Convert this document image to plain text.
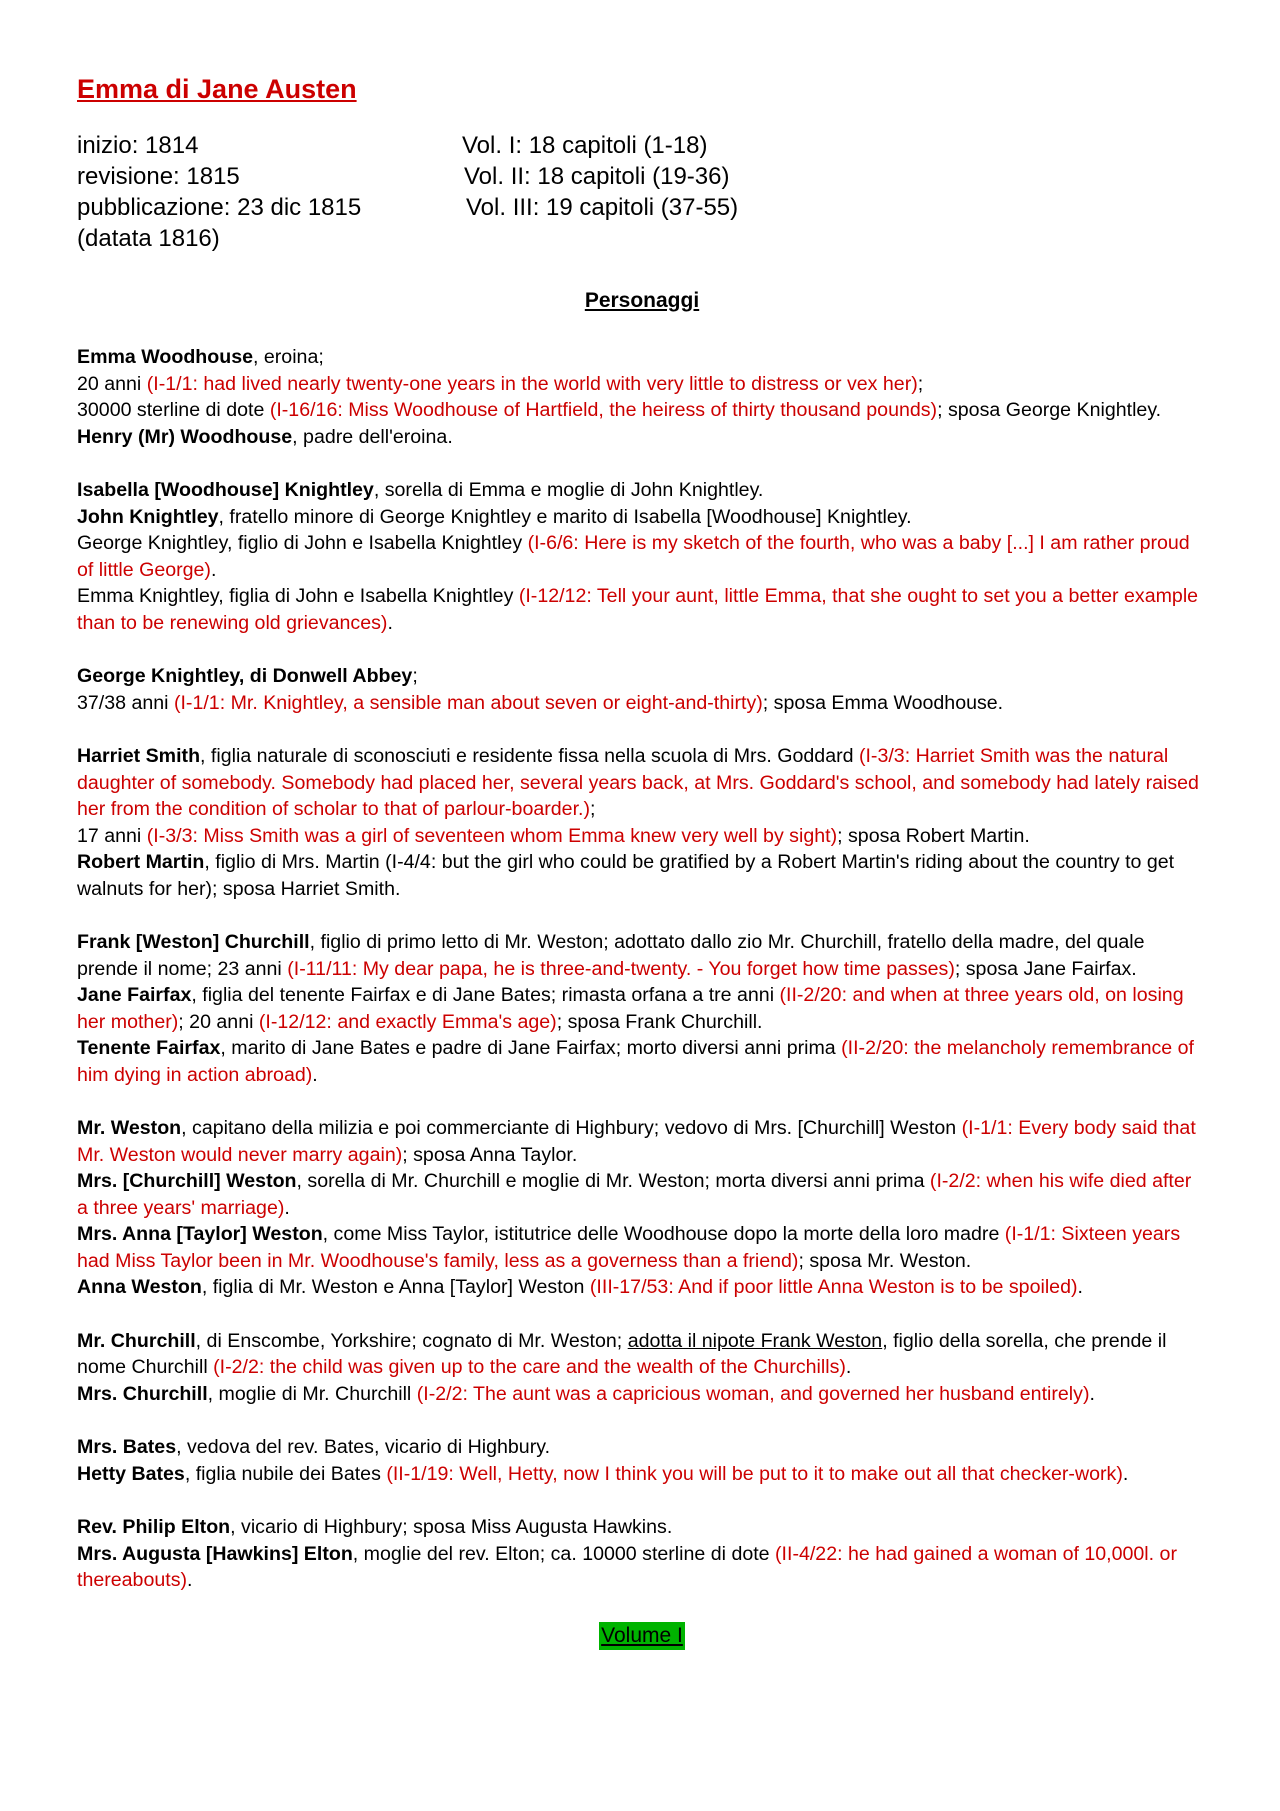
Emma di Jane Austen
inizio: 1814
revisione: 1815
pubblicazione: 23 dic 1815
(datata 1816)
Vol. I: 18 capitoli (1-18)
Vol. II: 18 capitoli (19-36)
Vol. III: 19 capitoli (37-55)
Personaggi

Emma Woodhouse, eroina;

20 anni (I-1/1: had lived nearly twenty-one years in the world with very little to distress or vex her);

30000 sterline di dote (I-16/16: Miss Woodhouse of Hartfield, the heiress of thirty thousand pounds); sposa George Knightley.

Henry (Mr) Woodhouse, padre dell'eroina.

Isabella [Woodhouse] Knightley, sorella di Emma e moglie di John Knightley.

John Knightley, fratello minore di George Knightley e marito di Isabella [Woodhouse] Knightley.

George Knightley, figlio di John e Isabella Knightley (I-6/6: Here is my sketch of the fourth, who was a baby [...] I am rather proud of little George).

Emma Knightley, figlia di John e Isabella Knightley (I-12/12: Tell your aunt, little Emma, that she ought to set you a better example than to be renewing old grievances).

George Knightley, di Donwell Abbey;

37/38 anni (I-1/1: Mr. Knightley, a sensible man about seven or eight-and-thirty); sposa Emma Woodhouse.

Harriet Smith, figlia naturale di sconosciuti e residente fissa nella scuola di Mrs. Goddard (I-3/3: Harriet Smith was the natural daughter of somebody. Somebody had placed her, several years back, at Mrs. Goddard's school, and somebody had lately raised her from the condition of scholar to that of parlour-boarder.);

17 anni (I-3/3: Miss Smith was a girl of seventeen whom Emma knew very well by sight); sposa Robert Martin.

Robert Martin, figlio di Mrs. Martin (I-4/4: but the girl who could be gratified by a Robert Martin's riding about the country to get walnuts for her); sposa Harriet Smith.

Frank [Weston] Churchill, figlio di primo letto di Mr. Weston; adottato dallo zio Mr. Churchill, fratello della madre, del quale prende il nome; 23 anni (I-11/11: My dear papa, he is three-and-twenty. - You forget how time passes); sposa Jane Fairfax.

Jane Fairfax, figlia del tenente Fairfax e di Jane Bates; rimasta orfana a tre anni (II-2/20: and when at three years old, on losing her mother); 20 anni (I-12/12: and exactly Emma's age); sposa Frank Churchill.

Tenente Fairfax, marito di Jane Bates e padre di Jane Fairfax; morto diversi anni prima (II-2/20: the melancholy remembrance of him dying in action abroad).

Mr. Weston, capitano della milizia e poi commerciante di Highbury; vedovo di Mrs. [Churchill] Weston (I-1/1: Every body said that Mr. Weston would never marry again); sposa Anna Taylor.

Mrs. [Churchill] Weston, sorella di Mr. Churchill e moglie di Mr. Weston; morta diversi anni prima (I-2/2: when his wife died after a three years' marriage).

Mrs. Anna [Taylor] Weston, come Miss Taylor, istitutrice delle Woodhouse dopo la morte della loro madre (I-1/1: Sixteen years had Miss Taylor been in Mr. Woodhouse's family, less as a governess than a friend); sposa Mr. Weston.

Anna Weston, figlia di Mr. Weston e Anna [Taylor] Weston (III-17/53: And if poor little Anna Weston is to be spoiled).

Mr. Churchill, di Enscombe, Yorkshire; cognato di Mr. Weston; adotta il nipote Frank Weston, figlio della sorella, che prende il nome Churchill (I-2/2: the child was given up to the care and the wealth of the Churchills).

Mrs. Churchill, moglie di Mr. Churchill (I-2/2: The aunt was a capricious woman, and governed her husband entirely).

Mrs. Bates, vedova del rev. Bates, vicario di Highbury.

Hetty Bates, figlia nubile dei Bates (II-1/19: Well, Hetty, now I think you will be put to it to make out all that checker-work).

Rev. Philip Elton, vicario di Highbury; sposa Miss Augusta Hawkins.

Mrs. Augusta [Hawkins] Elton, moglie del rev. Elton; ca. 10000 sterline di dote (II-4/22: he had gained a woman of 10,000l. or thereabouts).

Volume I
